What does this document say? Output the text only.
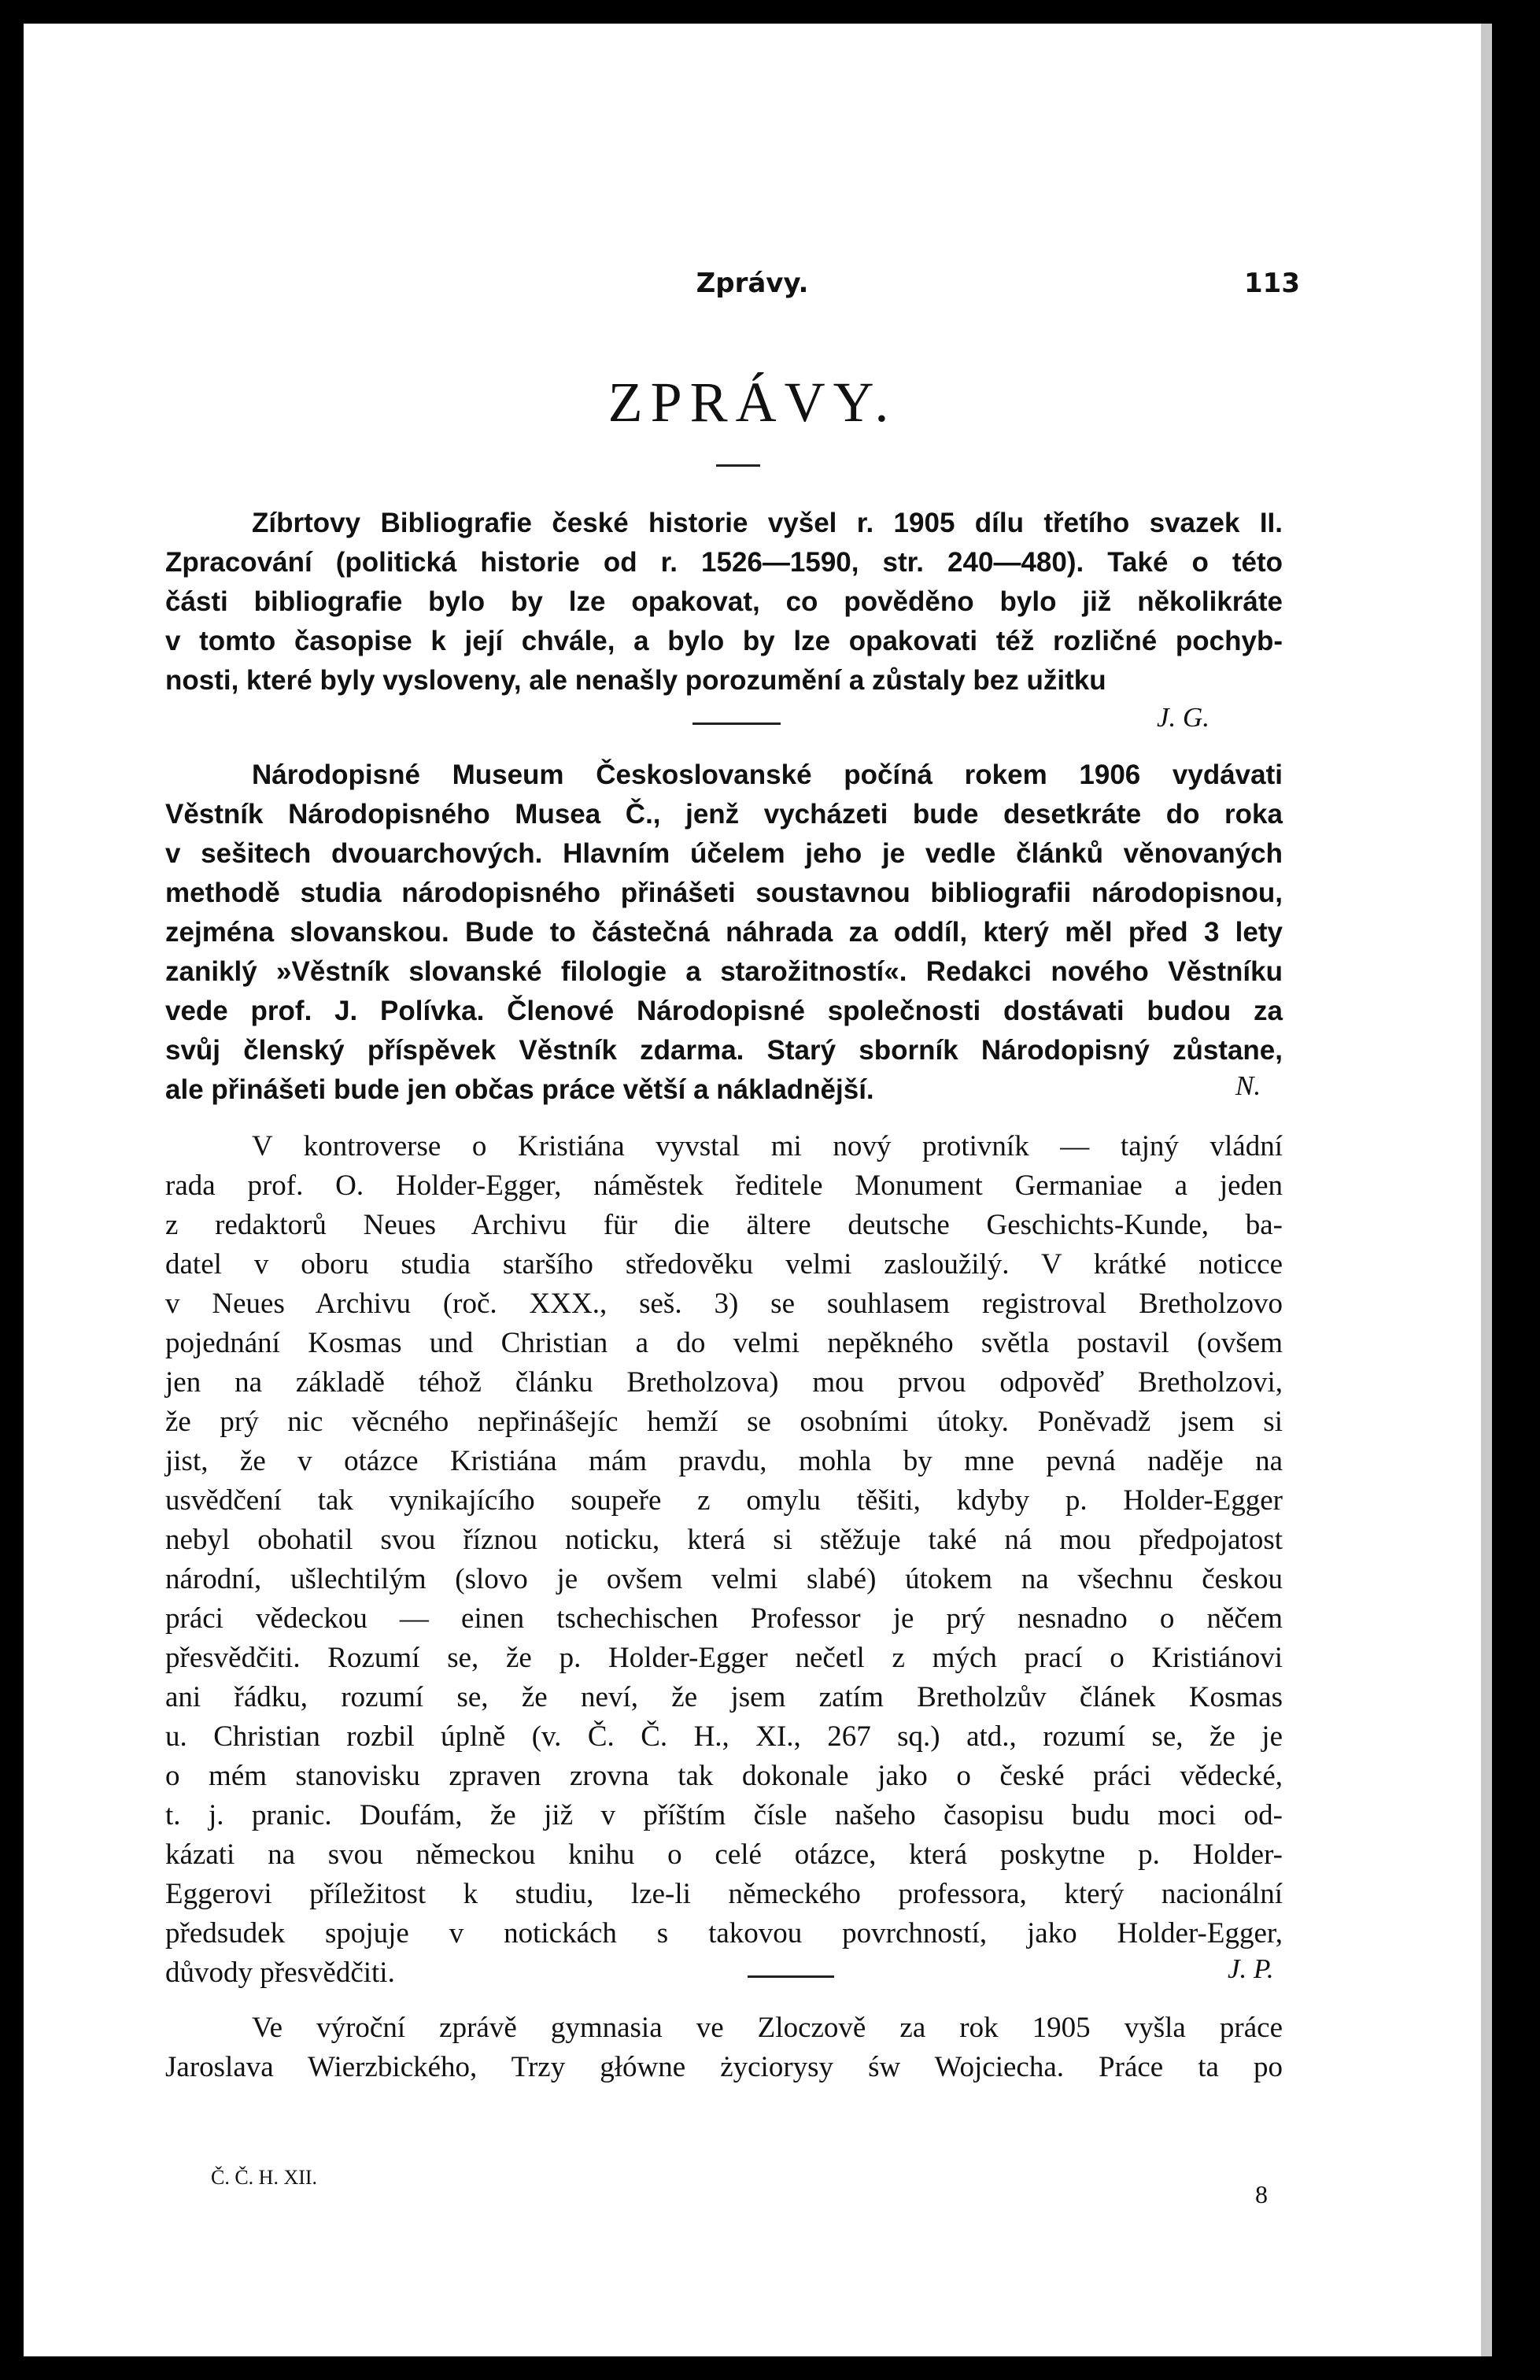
Zprávy.	113
ZPRÁVY.
Zíbrtovy Bibliografie české historie vyšel r. 1905 dílu třetího svazek II.
Zpracování (politická historie od r. 1526—1590, str. 240—480). Také o této
části bibliografie bylo by lze opakovat, co pověděno bylo již několikráte
v tomto časopise k její chvále, a bylo by lze opakovati též rozličné pochyb-
nosti, které byly vysloveny, ale nenašly porozumění a zůstaly bez užitku
J. G.
Národopisné Museum Českoslovanské počíná rokem 1906 vydávati
Věstník Národopisného Musea Č., jenž vycházeti bude desetkráte do roka
v sešitech dvouarchových. Hlavním účelem jeho je vedle článků věnovaných
methodě studia národopisného přinášeti soustavnou bibliografii národopisnou,
zejména slovanskou. Bude to částečná náhrada za oddíl, který měl před 3 lety
zaniklý »Věstník slovanské filologie a starožitností«. Redakci nového Věstníku
vede prof. J. Polívka. Členové Národopisné společnosti dostávati budou za
svůj členský příspěvek Věstník zdarma. Starý sborník Národopisný zůstane,
ale přinášeti bude jen občas práce větší a nákladnější.	N.
V kontroverse o Kristiána vyvstal mi nový protivník — tajný vládní
rada prof. O. Holder-Egger, náměstek ředitele Monument Germaniae a jeden
z redaktorů Neues Archivu für die ältere deutsche Geschichts-Kunde, ba-
datel v oboru studia staršího středověku velmi zasloužilý. V krátké noticce
v Neues Archivu (roč. XXX., seš. 3) se souhlasem registroval Bretholzovo
pojednání Kosmas und Christian a do velmi nepěkného světla postavil (ovšem
jen na základě téhož článku Bretholzova) mou prvou odpověď Bretholzovi,
že prý nic věcného nepřinášejíc hemží se osobními útoky. Poněvadž jsem si
jist, že v otázce Kristiána mám pravdu, mohla by mne pevná naděje na
usvědčení tak vynikajícího soupeře z omylu těšiti, kdyby p. Holder-Egger
nebyl obohatil svou říznou noticku, která si stěžuje také ná mou předpojatost
národní, ušlechtilým (slovo je ovšem velmi slabé) útokem na všechnu českou
práci vědeckou — einen tschechischen Professor je prý nesnadno o něčem
přesvědčiti. Rozumí se, že p. Holder-Egger nečetl z mých prací o Kristiánovi
ani řádku, rozumí se, že neví, že jsem zatím Bretholzův článek Kosmas
u. Christian rozbil úplně (v. Č. Č. H., XI., 267 sq.) atd., rozumí se, že je
o mém stanovisku zpraven zrovna tak dokonale jako o české práci vědecké,
t. j. pranic. Doufám, že již v příštím čísle našeho časopisu budu moci od-
kázati na svou německou knihu o celé otázce, která poskytne p. Holder-
Eggerovi příležitost k studiu, lze-li německého professora, který nacionální
předsudek spojuje v notickách s takovou povrchností, jako Holder-Egger,
důvody přesvědčiti.	J. P.
Ve výroční zprávě gymnasia ve Zloczově za rok 1905 vyšla práce
Jaroslava Wierzbického, Trzy główne życiorysy św Wojciecha. Práce ta po
Č. Č. H. XII.
8
